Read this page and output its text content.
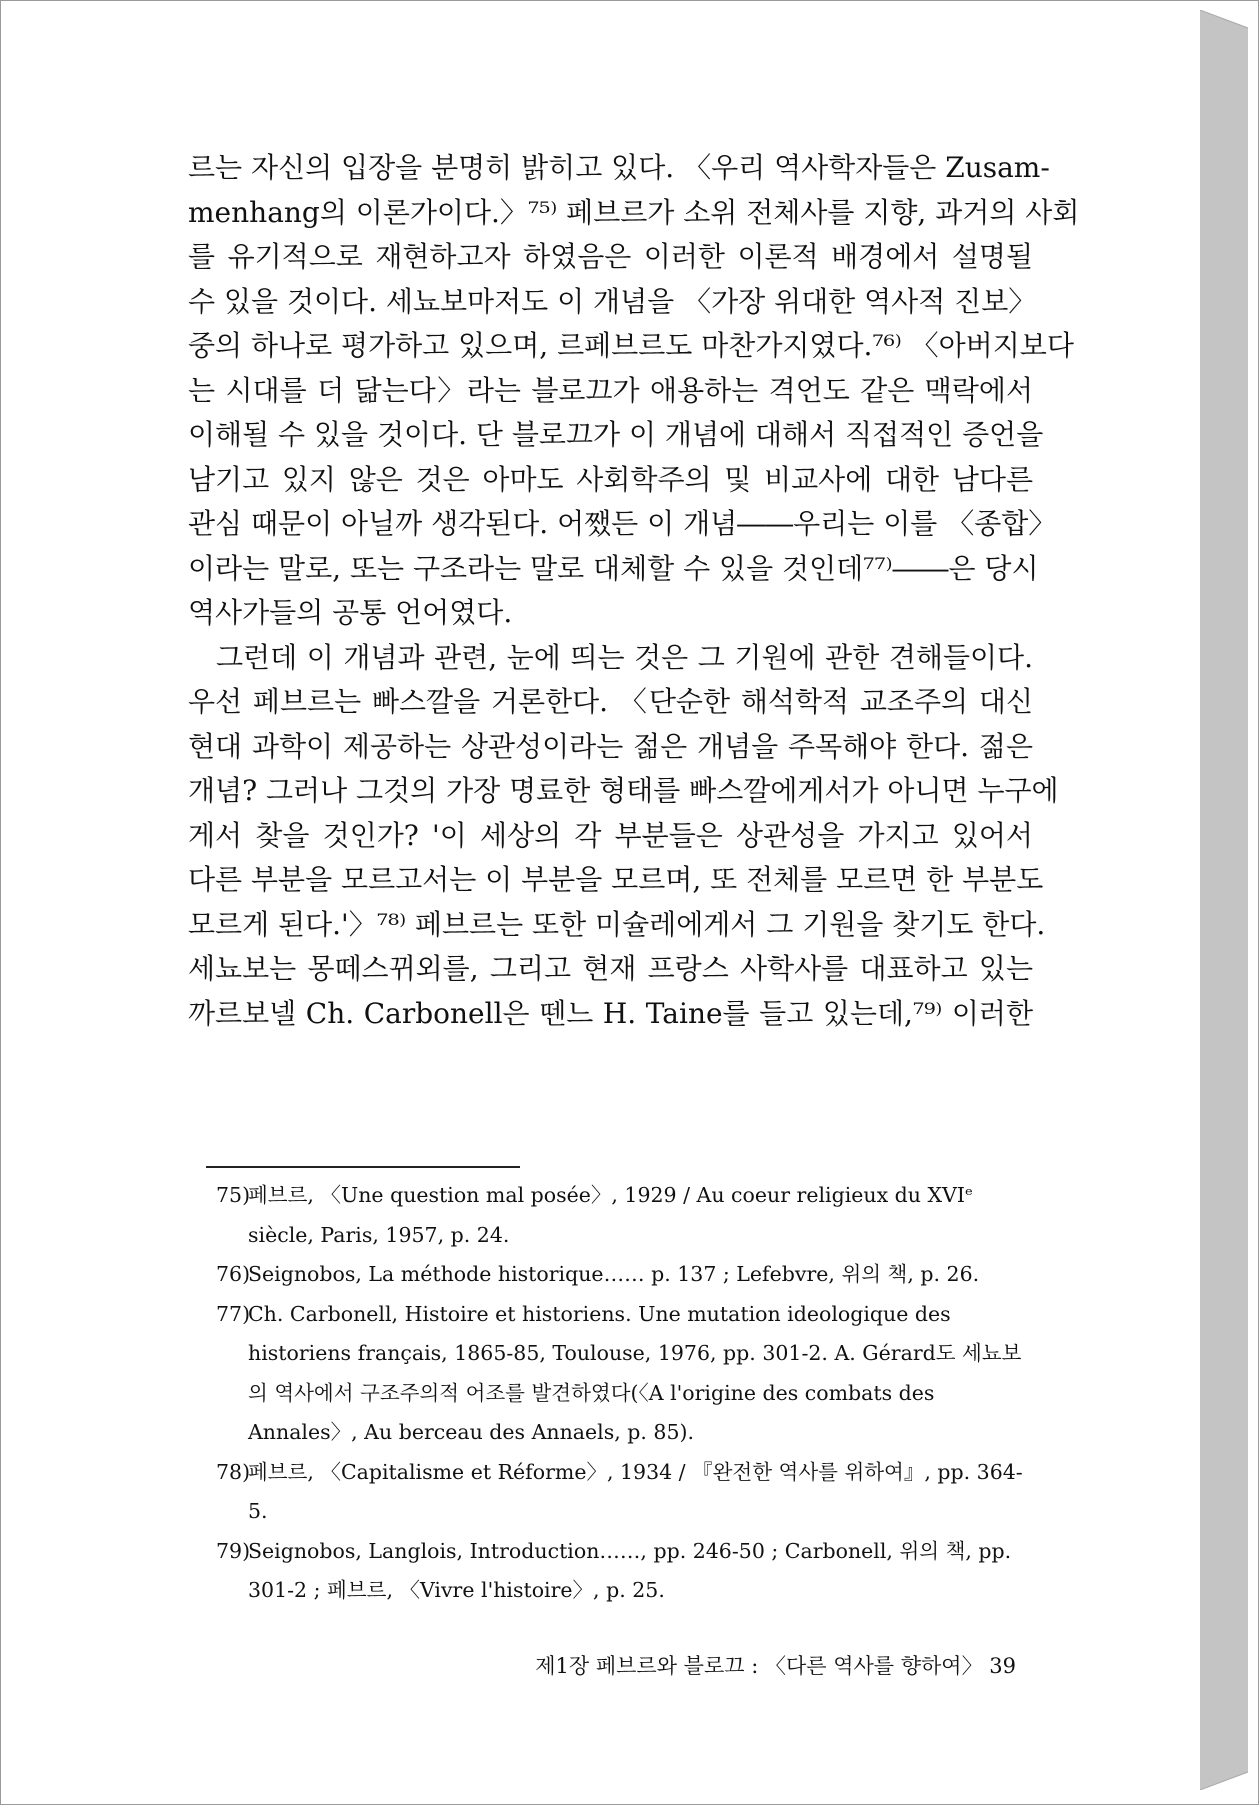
르는 자신의 입장을 분명히 밝히고 있다. 〈우리 역사학자들은 Zusam-
menhang의 이론가이다.〉⁷⁵⁾ 페브르가 소위 전체사를 지향, 과거의 사회
를 유기적으로 재현하고자 하였음은 이러한 이론적 배경에서 설명될
수 있을 것이다. 세뇨보마저도 이 개념을 〈가장 위대한 역사적 진보〉
중의 하나로 평가하고 있으며, 르페브르도 마찬가지였다.⁷⁶⁾ 〈아버지보다
는 시대를 더 닮는다〉라는 블로끄가 애용하는 격언도 같은 맥락에서
이해될 수 있을 것이다. 단 블로끄가 이 개념에 대해서 직접적인 증언을
남기고 있지 않은 것은 아마도 사회학주의 및 비교사에 대한 남다른
관심 때문이 아닐까 생각된다. 어쨌든 이 개념――우리는 이를 〈종합〉
이라는 말로, 또는 구조라는 말로 대체할 수 있을 것인데⁷⁷⁾――은 당시
역사가들의 공통 언어였다.
그런데 이 개념과 관련, 눈에 띄는 것은 그 기원에 관한 견해들이다.
우선 페브르는 빠스깔을 거론한다. 〈단순한 해석학적 교조주의 대신
현대 과학이 제공하는 상관성이라는 젊은 개념을 주목해야 한다. 젊은
개념? 그러나 그것의 가장 명료한 형태를 빠스깔에게서가 아니면 누구에
게서 찾을 것인가? '이 세상의 각 부분들은 상관성을 가지고 있어서
다른 부분을 모르고서는 이 부분을 모르며, 또 전체를 모르면 한 부분도
모르게 된다.'〉⁷⁸⁾ 페브르는 또한 미슐레에게서 그 기원을 찾기도 한다.
세뇨보는 몽떼스뀌외를, 그리고 현재 프랑스 사학사를 대표하고 있는
까르보넬 Ch. Carbonell은 뗀느 H. Taine를 들고 있는데,⁷⁹⁾ 이러한
75)
페브르, 〈Une question mal posée〉, 1929 / Au coeur religieux du XVIᵉ siècle, Paris, 1957, p. 24.
76)
Seignobos, La méthode historique…… p. 137 ; Lefebvre, 위의 책, p. 26.
77)
Ch. Carbonell, Histoire et historiens. Une mutation ideologique des historiens français, 1865-85, Toulouse, 1976, pp. 301-2. A. Gérard도 세뇨보의 역사에서 구조주의적 어조를 발견하였다(〈A l'origine des combats des Annales〉, Au berceau des Annaels, p. 85).
78)
페브르, 〈Capitalisme et Réforme〉, 1934 / 『완전한 역사를 위하여』, pp. 364-5.
79)
Seignobos, Langlois, Introduction……, pp. 246-50 ; Carbonell, 위의 책, pp. 301-2 ; 페브르, 〈Vivre l'histoire〉, p. 25.
제1장 페브르와 블로끄 : 〈다른 역사를 향하여〉 39
